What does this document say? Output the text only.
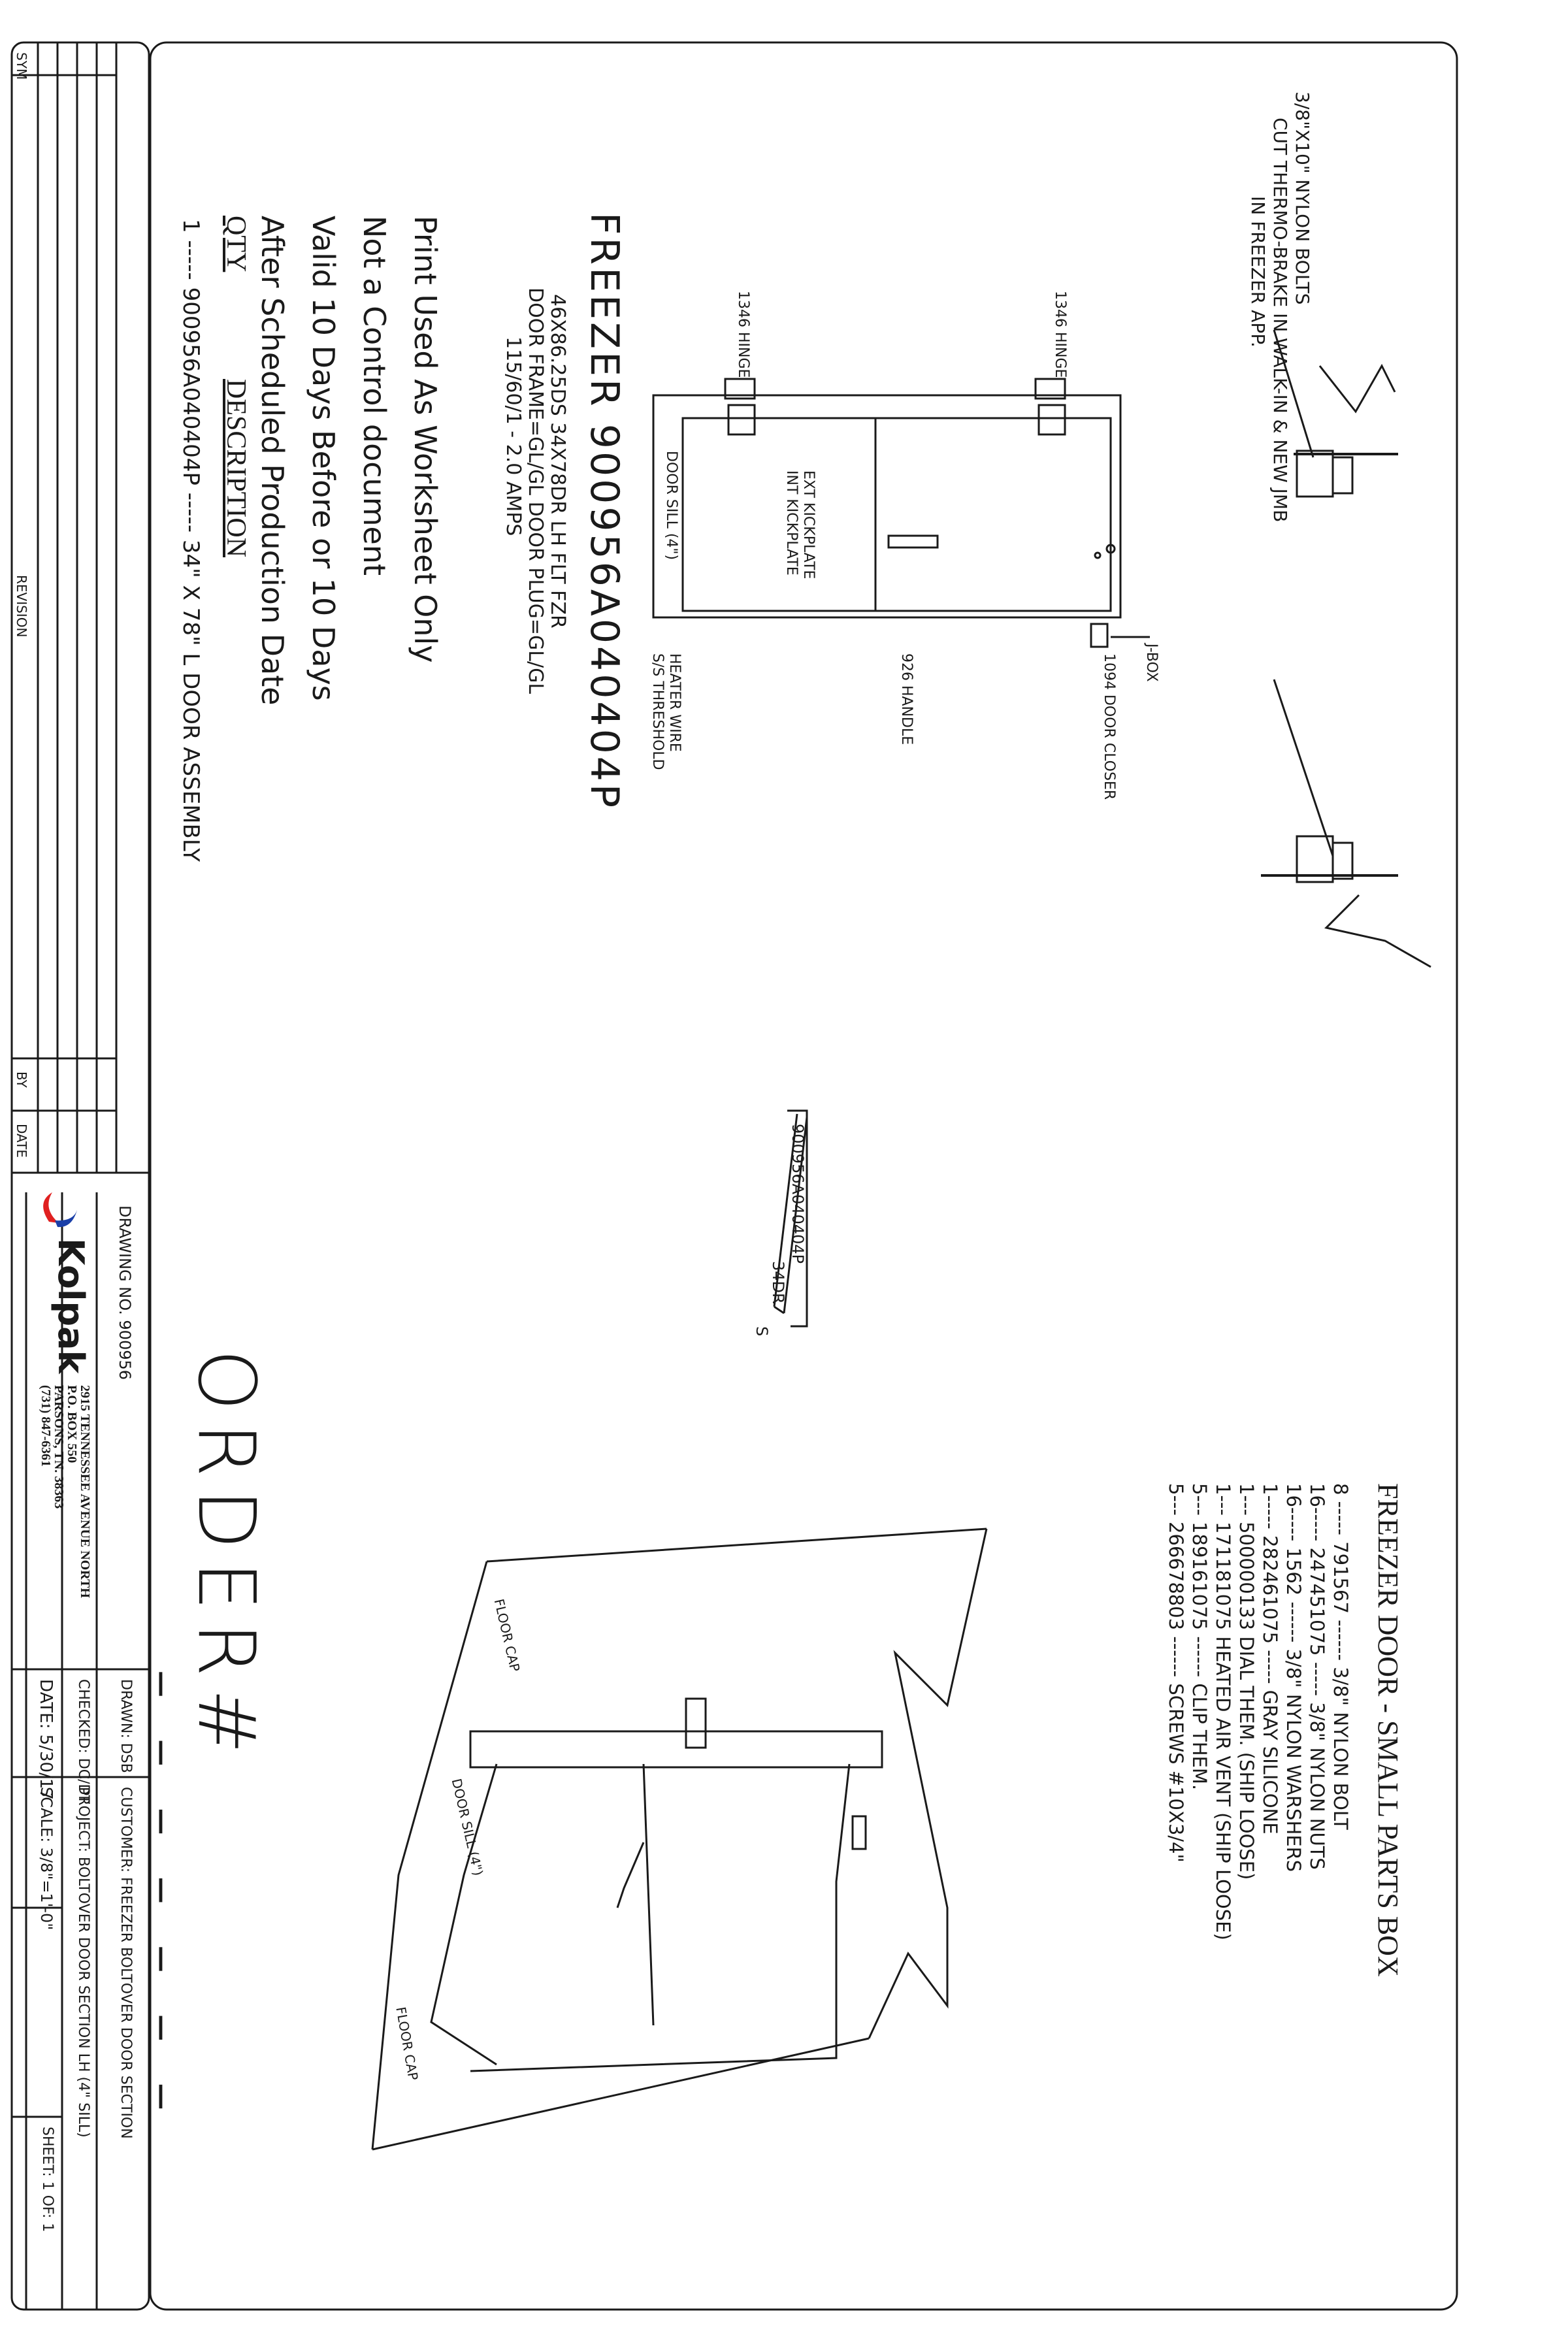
FREEZER DOOR - SMALL PARTS BOX
8 ----- 791567 ------ 3/8" NYLON BOLT
16----- 247451075 ----- 3/8" NYLON NUTS
16----- 1562 ------ 3/8" NYLON WARSHERS
1----- 282461075 ----- GRAY SILICONE
1--- 500000133 DIAL THEM. (SHIP LOOSE)
1--- 171181075 HEATED AIR VENT (SHIP LOOSE)
5--- 189161075 ------ CLIP THEM.
5--- 266678803 ------ SCREWS #10X3/4"
3/8"X10" NYLON BOLTS
CUT THERMO-BRAKE IN WALK-IN & NEW JMB
IN FREEZER APP.
1346 HINGE
1346 HINGE
J-BOX
1094 DOOR CLOSER
926 HANDLE
EXT KICKPLATE
INT KICKPLATE
DOOR SILL (4")
HEATER WIRE
S/S THRESHOLD
FREEZER 900956A040404P
46X86.25DS 34X78DR LH FLT FZR
DOOR FRAME=GL/GL DOOR PLUG=GL/GL
115/60/1 - 2.0 AMPS
Print Used As Worksheet Only
Not a Control document
Valid 10 Days Before or 10 Days
After Scheduled Production Date
QTY
DESCRIPTION
1 ----- 900956A040404P ----- 34" X 78" L DOOR ASSEMBLY
900956A040404P
34DR
S
ORDER#
_ _ _ _ _ _ _
FLOOR CAP
DOOR SILL (4")
FLOOR CAP
SYM
REVISION
BY
DATE
DRAWING NO. 900956
Kolpak
2915 TENNESSEE AVENUE NORTH
P.O. BOX 550
PARSONS, TN. 38363
(731) 847-6361
DRAWN: DSB
CHECKED: DC/DT
DATE: 5/30/17
CUSTOMER: FREEZER BOLTOVER DOOR SECTION
PROJECT: BOLTOVER DOOR SECTION LH (4" SILL)
SCALE: 3/8"=1'-0"
SHEET: 1 OF: 1
